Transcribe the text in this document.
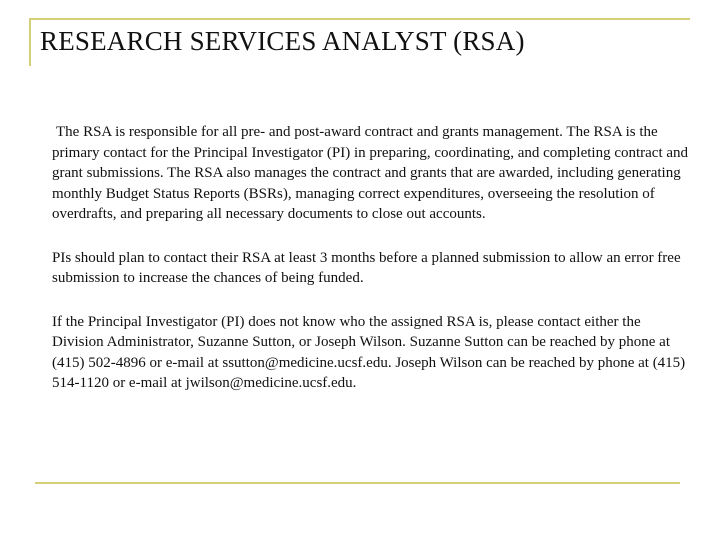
RESEARCH SERVICES ANALYST (RSA)

The RSA is responsible for all pre- and post-award contract and grants management. The RSA is the primary contact for the Principal Investigator (PI) in preparing, coordinating, and completing contract and grant submissions. The RSA also manages the contract and grants that are awarded, including generating monthly Budget Status Reports (BSRs), managing correct expenditures, overseeing the resolution of overdrafts, and preparing all necessary documents to close out accounts.

PIs should plan to contact their RSA at least 3 months before a planned submission to allow an error free submission to increase the chances of being funded.

If the Principal Investigator (PI) does not know who the assigned RSA is, please contact either the Division Administrator, Suzanne Sutton, or Joseph Wilson. Suzanne Sutton can be reached by phone at (415) 502-4896 or e-mail at ssutton@medicine.ucsf.edu. Joseph Wilson can be reached by phone at (415) 514-1120 or e-mail at jwilson@medicine.ucsf.edu.
